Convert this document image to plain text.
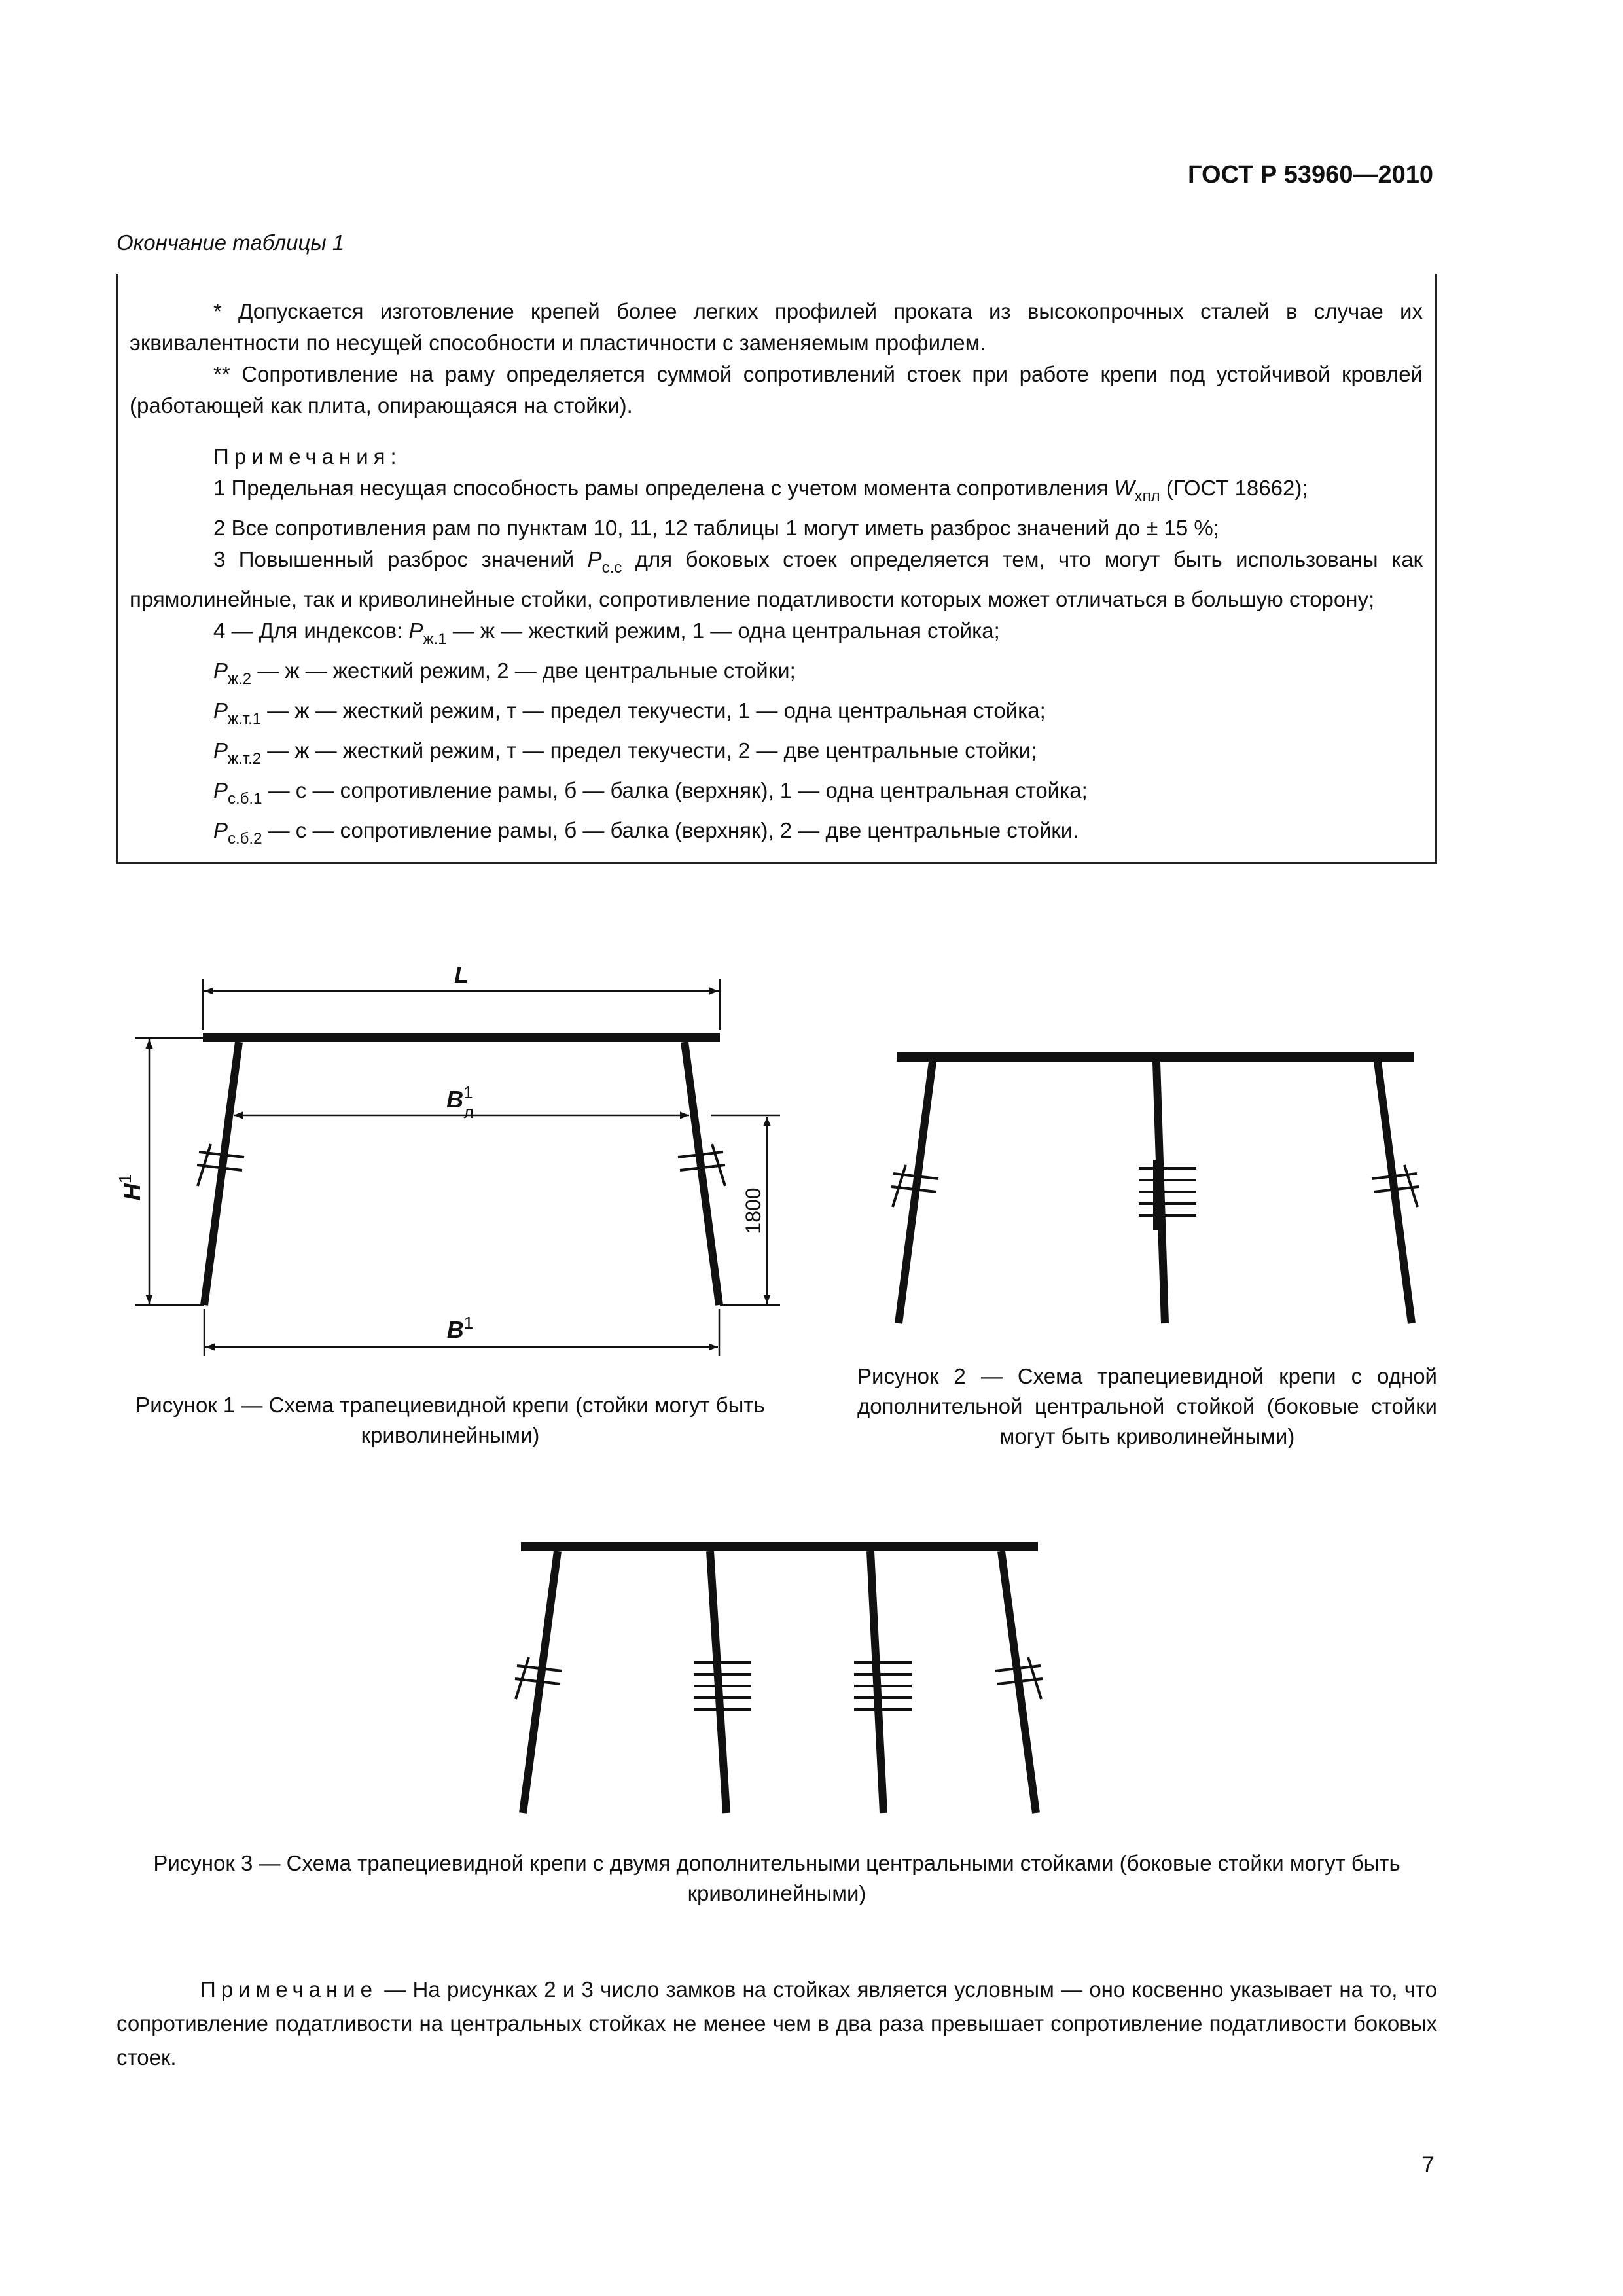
ГОСТ Р 53960—2010
Окончание таблицы 1

* Допускается изготовление крепей более легких профилей проката из высокопрочных сталей в случае их эквивалентности по несущей способности и пластичности с заменяемым профилем.

** Сопротивление на раму определяется суммой сопротивлений стоек при работе крепи под устойчивой кровлей (работающей как плита, опирающаяся на стойки).

Примечания:

1 Предельная несущая способность рамы определена с учетом момента сопротивления $W_{хпл}$ (ГОСТ 18662);

2 Все сопротивления рам по пунктам 10, 11, 12 таблицы 1 могут иметь разброс значений до ± 15 %;

3 Повышенный разброс значений $P_{с.с}$ для боковых стоек определяется тем, что могут быть использованы как прямолинейные, так и криволинейные стойки, сопротивление податливости которых может отличаться в большую сторону;

4 — Для индексов: $P_{ж.1}$ — ж — жесткий режим, 1 — одна центральная стойка;

$P_{ж.2}$ — ж — жесткий режим, 2 — две центральные стойки;

$P_{ж.т.1}$ — ж — жесткий режим, т — предел текучести, 1 — одна центральная стойка;

$P_{ж.т.2}$ — ж — жесткий режим, т — предел текучести, 2 — две центральные стойки;

$P_{с.б.1}$ — с — сопротивление рамы, б — балка (верхняк), 1 — одна центральная стойка;

$P_{с.б.2}$ — с — сопротивление рамы, б — балка (верхняк), 2 — две центральные стойки.

L
$B^1$ л
$H^1$
1800
$B^1$
Рисунок 1 — Схема трапециевидной крепи (стойки могут быть криволинейными)
Рисунок 2 — Схема трапециевидной крепи с одной дополнительной центральной стойкой (боковые стойки могут быть криволинейными)
Рисунок 3 — Схема трапециевидной крепи с двумя дополнительными центральными стойками (боковые стойки могут быть криволинейными)

Примечание — На рисунках 2 и 3 число замков на стойках является условным — оно косвенно указывает на то, что сопротивление податливости на центральных стойках не менее чем в два раза превышает сопротивление податливости боковых стоек.

7
